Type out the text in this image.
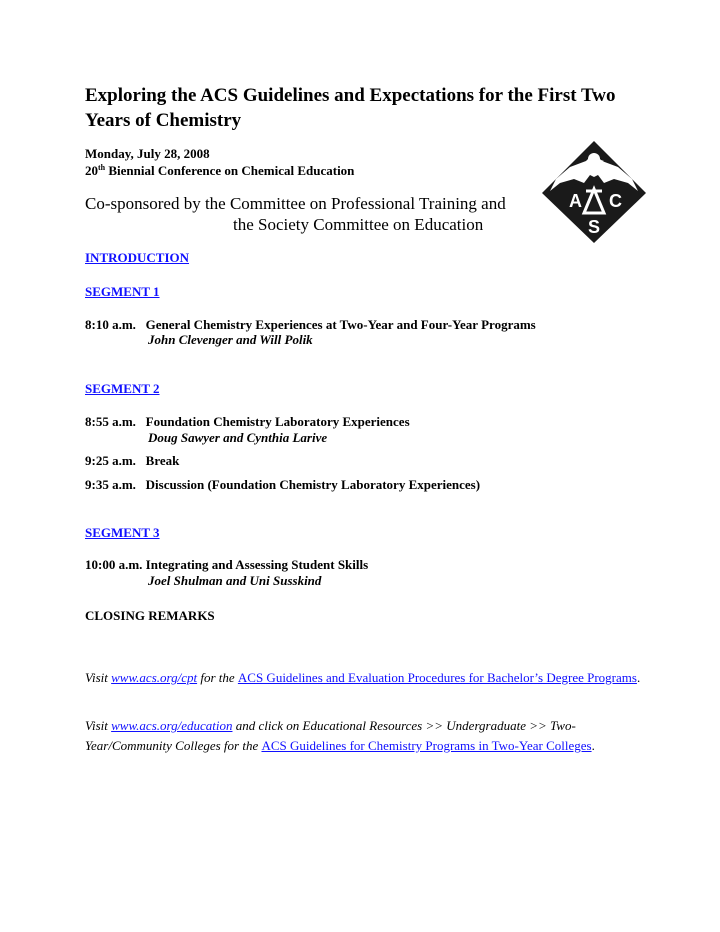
Exploring the ACS Guidelines and Expectations for the First Two Years of Chemistry
Monday, July 28, 2008
20th Biennial Conference on Chemical Education
Co-sponsored by the Committee on Professional Training and
the Society Committee on Education
A C
S
INTRODUCTION
SEGMENT 1
8:10 a.m. General Chemistry Experiences at Two-Year and Four-Year Programs
John Clevenger and Will Polik
SEGMENT 2
8:55 a.m. Foundation Chemistry Laboratory Experiences
Doug Sawyer and Cynthia Larive
9:25 a.m. Break
9:35 a.m. Discussion (Foundation Chemistry Laboratory Experiences)
SEGMENT 3
10:00 a.m. Integrating and Assessing Student Skills
Joel Shulman and Uni Susskind
CLOSING REMARKS
Visit www.acs.org/cpt for the ACS Guidelines and Evaluation Procedures for Bachelor’s Degree Programs.
Visit www.acs.org/education and click on Educational Resources >> Undergraduate >> Two-Year/Community Colleges for the ACS Guidelines for Chemistry Programs in Two-Year Colleges.
